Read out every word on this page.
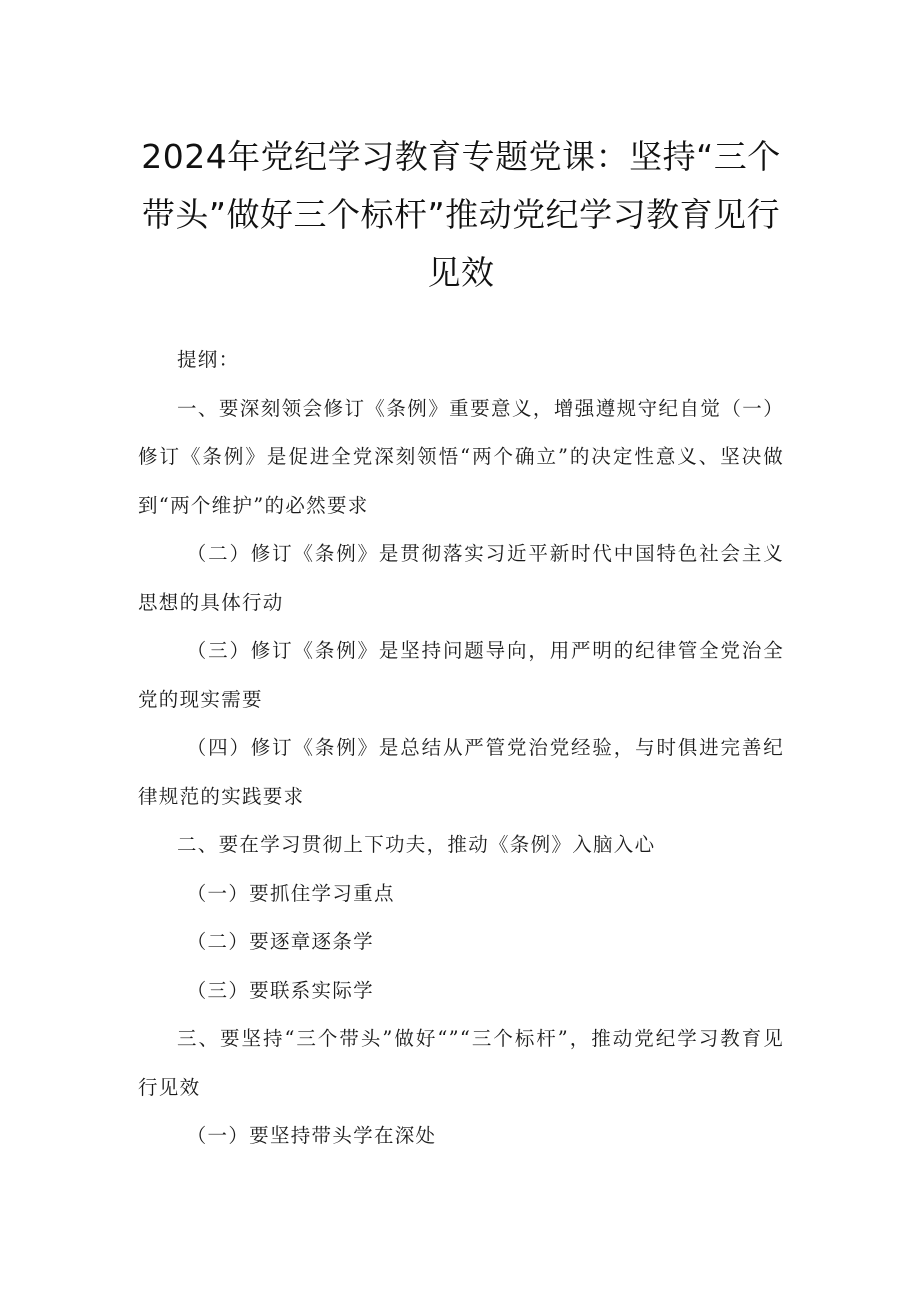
2024年党纪学习教育专题党课：坚持“三个带头”做好三个标杆”推动党纪学习教育见行见效

提纲：

一、要深刻领会修订《条例》重要意义，增强遵规守纪自觉（一）修订《条例》是促进全党深刻领悟“两个确立”的决定性意义、坚决做到“两个维护”的必然要求

（二）修订《条例》是贯彻落实习近平新时代中国特色社会主义思想的具体行动

（三）修订《条例》是坚持问题导向，用严明的纪律管全党治全党的现实需要

（四）修订《条例》是总结从严管党治党经验，与时俱进完善纪律规范的实践要求

二、要在学习贯彻上下功夫，推动《条例》入脑入心

（一）要抓住学习重点

（二）要逐章逐条学

（三）要联系实际学

三、要坚持“三个带头”做好“”“三个标杆”，推动党纪学习教育见行见效

（一）要坚持带头学在深处
